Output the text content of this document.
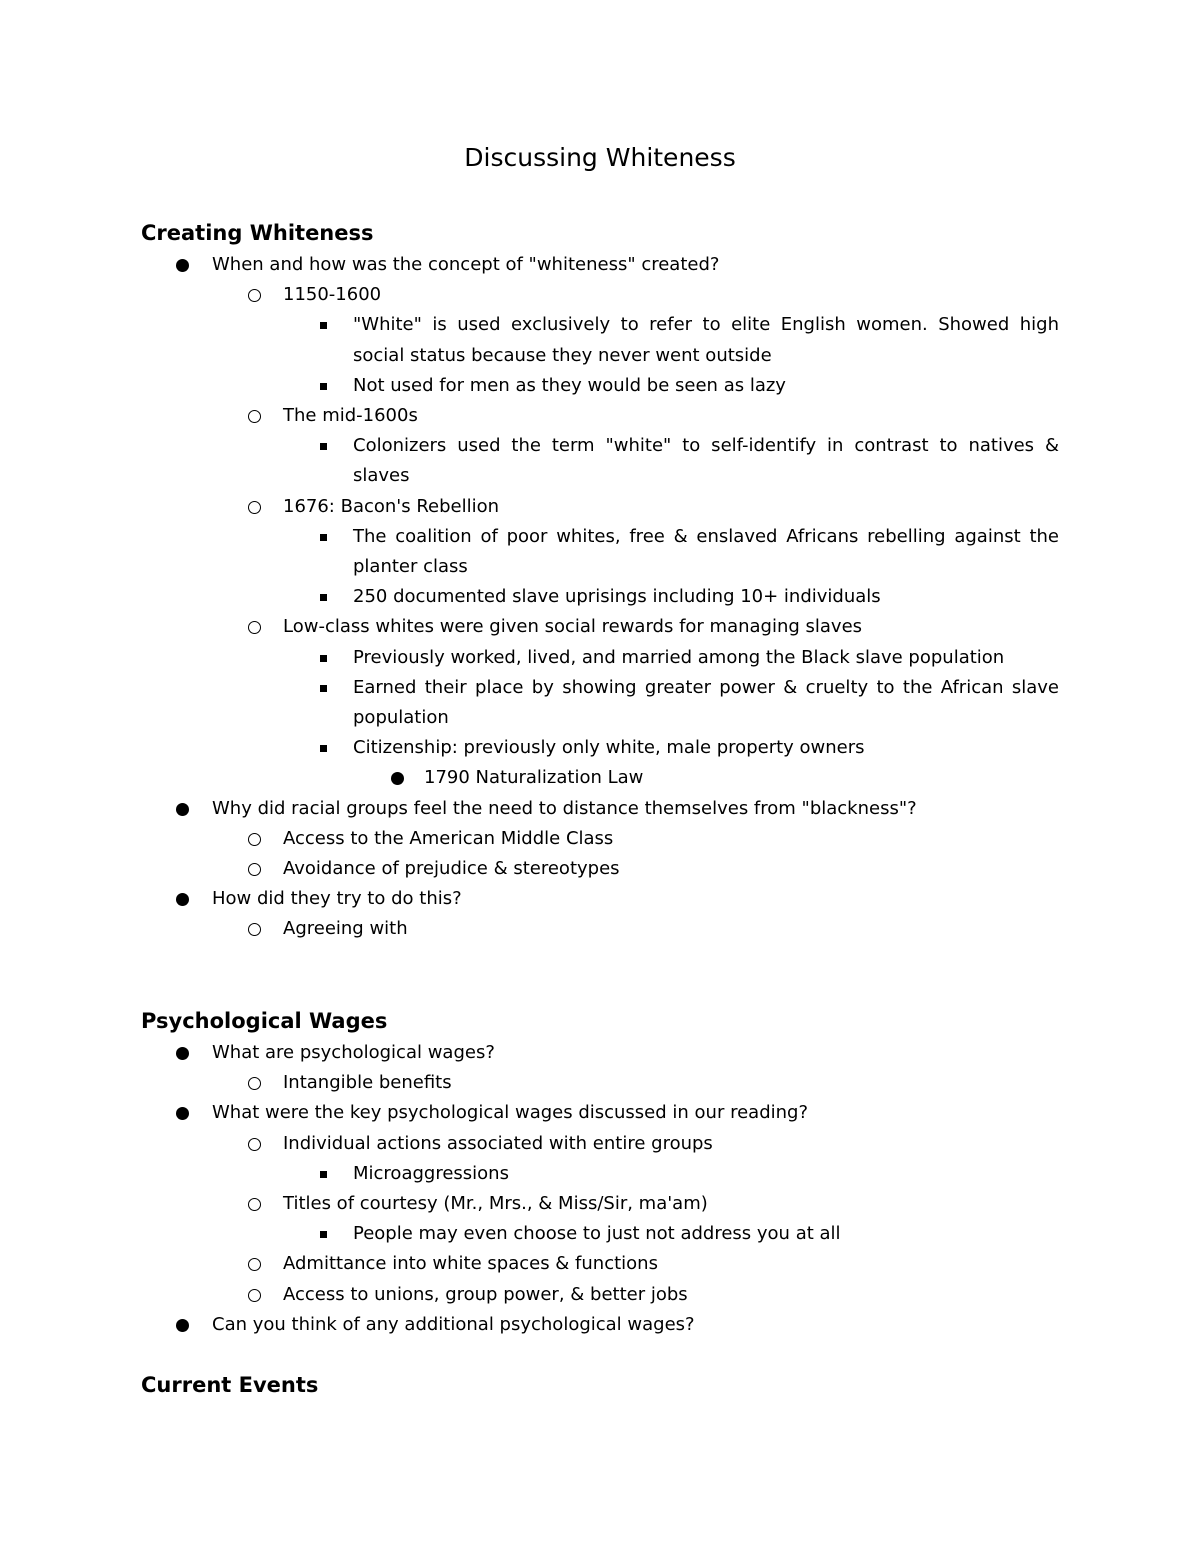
Discussing Whiteness
Creating Whiteness
When and how was the concept of "whiteness" created?
1150-1600
"White" is used exclusively to refer to elite English women. Showed high social status because they never went outside
Not used for men as they would be seen as lazy
The mid-1600s
Colonizers used the term "white" to self-identify in contrast to natives & slaves
1676: Bacon's Rebellion
The coalition of poor whites, free & enslaved Africans rebelling against the planter class
250 documented slave uprisings including 10+ individuals
Low-class whites were given social rewards for managing slaves
Previously worked, lived, and married among the Black slave population
Earned their place by showing greater power & cruelty to the African slave population
Citizenship: previously only white, male property owners
1790 Naturalization Law
Why did racial groups feel the need to distance themselves from "blackness"?
Access to the American Middle Class
Avoidance of prejudice & stereotypes
How did they try to do this?
Agreeing with
Psychological Wages
What are psychological wages?
Intangible benefits
What were the key psychological wages discussed in our reading?
Individual actions associated with entire groups
Microaggressions
Titles of courtesy (Mr., Mrs., & Miss/Sir, ma'am)
People may even choose to just not address you at all
Admittance into white spaces & functions
Access to unions, group power, & better jobs
Can you think of any additional psychological wages?
Current Events
